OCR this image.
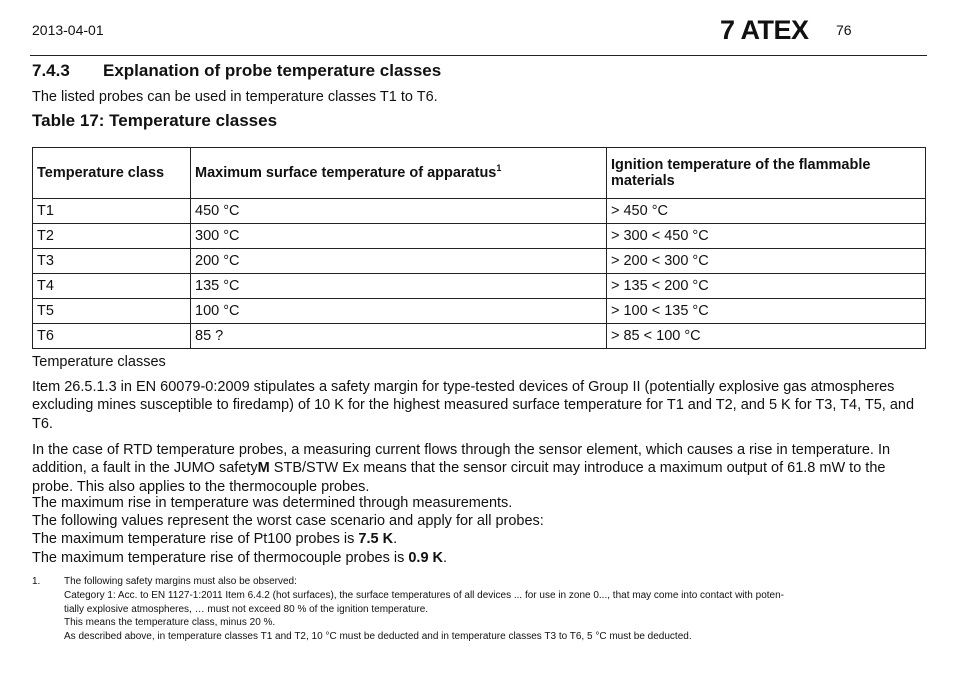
2013-04-01	7 ATEX 76
7.4.3 Explanation of probe temperature classes
The listed probes can be used in temperature classes T1 to T6.
Table 17: Temperature classes
Temperature class	Maximum surface temperature of apparatus$^1$	Ignition temperature of the flammable materials
T1	450 °C	> 450 °C
T2	300 °C	> 300 < 450 °C
T3	200 °C	> 200 < 300 °C
T4	135 °C	> 135 < 200 °C
T5	100 °C	> 100 < 135 °C
T6	85 ?	> 85 < 100 °C
Temperature classes
Item 26.5.1.3 in EN 60079-0:2009 stipulates a safety margin for type-tested devices of Group II (potentially explosive gas atmospheres excluding mines susceptible to firedamp) of 10 K for the highest measured surface temperature for T1 and T2, and 5 K for T3, T4, T5, and T6.
In the case of RTD temperature probes, a measuring current flows through the sensor element, which causes a rise in temperature. In addition, a fault in the JUMO safetyM STB/STW Ex means that the sensor circuit may introduce a maximum output of 61.8 mW to the probe. This also applies to the thermocouple probes.
The maximum rise in temperature was determined through measurements.
The following values represent the worst case scenario and apply for all probes:
The maximum temperature rise of Pt100 probes is 7.5 K.
The maximum temperature rise of thermocouple probes is 0.9 K.
1. The following safety margins must also be observed:
Category 1: Acc. to EN 1127-1:2011 Item 6.4.2 (hot surfaces), the surface temperatures of all devices ... for use in zone 0..., that may come into contact with poten-
tially explosive atmospheres, … must not exceed 80 % of the ignition temperature.
This means the temperature class, minus 20 %.
As described above, in temperature classes T1 and T2, 10 °C must be deducted and in temperature classes T3 to T6, 5 °C must be deducted.
